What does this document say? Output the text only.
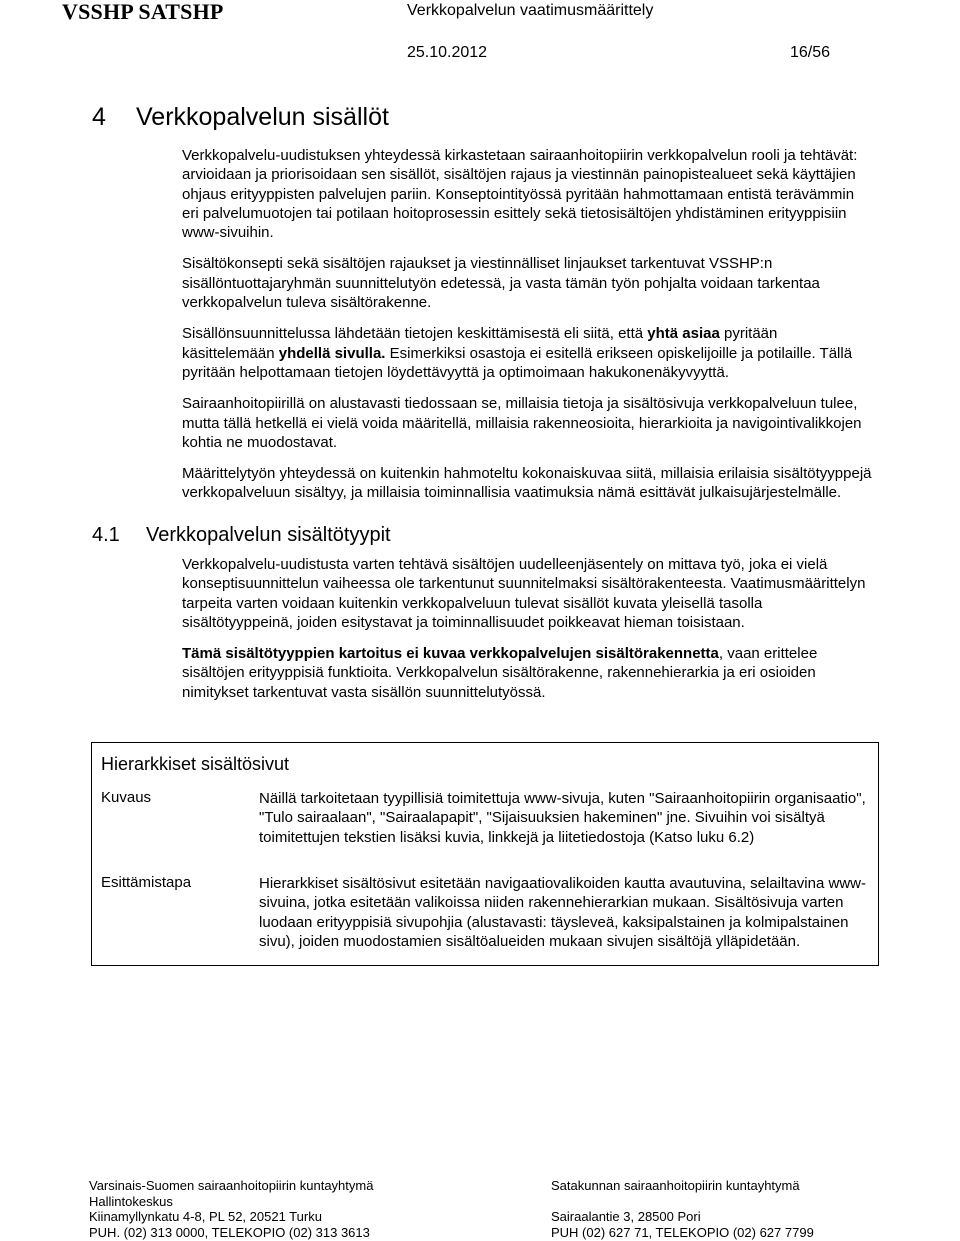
VSSHP SATSHP	Verkkopalvelun vaatimusmäärittely
25.10.2012	16/56
4 Verkkopalvelun sisällöt

Verkkopalvelu-uudistuksen yhteydessä kirkastetaan sairaanhoitopiirin verkkopalvelun rooli ja tehtävät: arvioidaan ja priorisoidaan sen sisällöt, sisältöjen rajaus ja viestinnän painopistealueet sekä käyttäjien ohjaus erityyppisten palvelujen pariin. Konseptointityössä pyritään hahmottamaan entistä terävämmin eri palvelumuotojen tai potilaan hoitoprosessin esittely sekä tietosisältöjen yhdistäminen erityyppisiin www-sivuihin.

Sisältökonsepti sekä sisältöjen rajaukset ja viestinnälliset linjaukset tarkentuvat VSSHP:n sisällöntuottajaryhmän suunnittelutyön edetessä, ja vasta tämän työn pohjalta voidaan tarkentaa verkkopalvelun tuleva sisältörakenne.

Sisällönsuunnittelussa lähdetään tietojen keskittämisestä eli siitä, että yhtä asiaa pyritään käsittelemään yhdellä sivulla. Esimerkiksi osastoja ei esitellä erikseen opiskelijoille ja potilaille. Tällä pyritään helpottamaan tietojen löydettävyyttä ja optimoimaan hakukonenäkyvyyttä.

Sairaanhoitopiirillä on alustavasti tiedossaan se, millaisia tietoja ja sisältösivuja verkkopalveluun tulee, mutta tällä hetkellä ei vielä voida määritellä, millaisia rakenneosioita, hierarkioita ja navigointivalikkojen kohtia ne muodostavat.

Määrittelytyön yhteydessä on kuitenkin hahmoteltu kokonaiskuvaa siitä, millaisia erilaisia sisältötyyppejä verkkopalveluun sisältyy, ja millaisia toiminnallisia vaatimuksia nämä esittävät julkaisujärjestelmälle.

4.1 Verkkopalvelun sisältötyypit

Verkkopalvelu-uudistusta varten tehtävä sisältöjen uudelleenjäsentely on mittava työ, joka ei vielä konseptisuunnittelun vaiheessa ole tarkentunut suunnitelmaksi sisältörakenteesta. Vaatimusmäärittelyn tarpeita varten voidaan kuitenkin verkkopalveluun tulevat sisällöt kuvata yleisellä tasolla sisältötyyppeinä, joiden esitystavat ja toiminnallisuudet poikkeavat hieman toisistaan.

Tämä sisältötyyppien kartoitus ei kuvaa verkkopalvelujen sisältörakennetta, vaan erittelee sisältöjen erityyppisiä funktioita. Verkkopalvelun sisältörakenne, rakennehierarkia ja eri osioiden nimitykset tarkentuvat vasta sisällön suunnittelutyössä.

Hierarkkiset sisältösivut
Kuvaus	Näillä tarkoitetaan tyypillisiä toimitettuja www-sivuja, kuten "Sairaanhoitopiirin organisaatio", "Tulo sairaalaan", "Sairaalapapit", "Sijaisuuksien hakeminen" jne. Sivuihin voi sisältyä toimitettujen tekstien lisäksi kuvia, linkkejä ja liitetiedostoja (Katso luku 6.2)
Esittämistapa	Hierarkkiset sisältösivut esitetään navigaatiovalikoiden kautta avautuvina, selailtavina www-sivuina, jotka esitetään valikoissa niiden rakennehierarkian mukaan. Sisältösivuja varten luodaan erityyppisiä sivupohjia (alustavasti: täysleveä, kaksipalstainen ja kolmipalstainen sivu), joiden muodostamien sisältöalueiden mukaan sivujen sisältöjä ylläpidetään.
Varsinais-Suomen sairaanhoitopiirin kuntayhtymä
Hallintokeskus
Kiinamyllynkatu 4-8, PL 52, 20521 Turku
PUH. (02) 313 0000, TELEKOPIO (02) 313 3613
Satakunnan sairaanhoitopiirin kuntayhtymä
Sairaalantie 3, 28500 Pori
PUH (02) 627 71, TELEKOPIO (02) 627 7799
